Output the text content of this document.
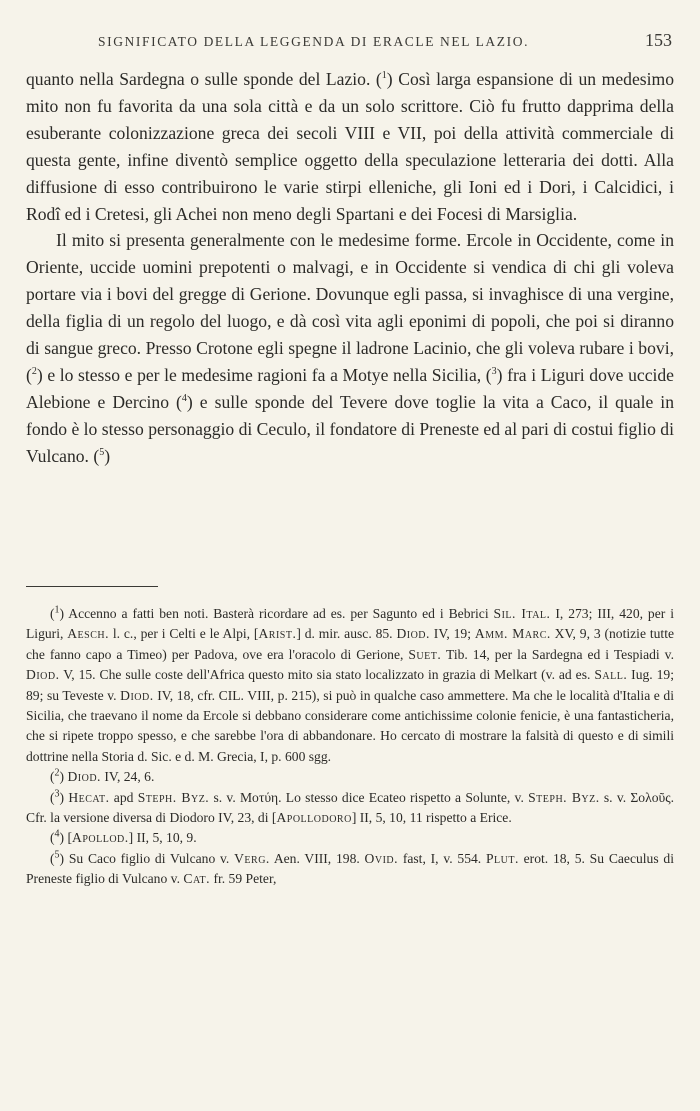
SIGNIFICATO DELLA LEGGENDA DI ERACLE NEL LAZIO.	153

quanto nella Sardegna o sulle sponde del Lazio. ($^1$) Così larga espansione di un medesimo mito non fu favorita da una sola città e da un solo scrittore. Ciò fu frutto dapprima della esuberante colonizzazione greca dei secoli VIII e VII, poi della attività commerciale di questa gente, infine diventò semplice oggetto della speculazione letteraria dei dotti. Alla diffusione di esso contribuirono le varie stirpi elleniche, gli Ioni ed i Dori, i Calcidici, i Rodî ed i Cretesi, gli Achei non meno degli Spartani e dei Focesi di Marsiglia.

Il mito si presenta generalmente con le medesime forme. Ercole in Occidente, come in Oriente, uccide uomini prepotenti o malvagi, e in Occidente si vendica di chi gli voleva portare via i bovi del gregge di Gerione. Dovunque egli passa, si invaghisce di una vergine, della figlia di un regolo del luogo, e dà così vita agli eponimi di popoli, che poi si diranno di sangue greco. Presso Crotone egli spegne il ladrone Lacinio, che gli voleva rubare i bovi, ($^2$) e lo stesso e per le medesime ragioni fa a Motye nella Sicilia, ($^3$) fra i Liguri dove uccide Alebione e Dercino ($^4$) e sulle sponde del Tevere dove toglie la vita a Caco, il quale in fondo è lo stesso personaggio di Ceculo, il fondatore di Preneste ed al pari di costui figlio di Vulcano. ($^5$)

($^1$) Accenno a fatti ben noti. Basterà ricordare ad es. per Sagunto ed i Bebrici Sil. Ital. I, 273; III, 420, per i Liguri, Aesch. l. c., per i Celti e le Alpi, [Arist.] d. mir. ausc. 85. Diod. IV, 19; Amm. Marc. XV, 9, 3 (notizie tutte che fanno capo a Timeo) per Padova, ove era l'oracolo di Gerione, Suet. Tib. 14, per la Sardegna ed i Tespiadi v. Diod. V, 15. Che sulle coste dell'Africa questo mito sia stato localizzato in grazia di Melkart (v. ad es. Sall. Iug. 19; 89; su Teveste v. Diod. IV, 18, cfr. CIL. VIII, p. 215), si può in qualche caso ammettere. Ma che le località d'Italia e di Sicilia, che traevano il nome da Ercole si debbano considerare come antichissime colonie fenicie, è una fantasticheria, che si ripete troppo spesso, e che sarebbe l'ora di abbandonare. Ho cercato di mostrare la falsità di questo e di simili dottrine nella Storia d. Sic. e d. M. Grecia, I, p. 600 sgg.

($^2$) Diod. IV, 24, 6.

($^3$) Hecat. apd Steph. Byz. s. v. Μοτύη. Lo stesso dice Ecateo rispetto a Solunte, v. Steph. Byz. s. v. Σολοῦς. Cfr. la versione diversa di Diodoro IV, 23, di [Apollodoro] II, 5, 10, 11 rispetto a Erice.

($^4$) [Apollod.] II, 5, 10, 9.

($^5$) Su Caco figlio di Vulcano v. Verg. Aen. VIII, 198. Ovid. fast, I, v. 554. Plut. erot. 18, 5. Su Caeculus di Preneste figlio di Vulcano v. Cat. fr. 59 Peter,
